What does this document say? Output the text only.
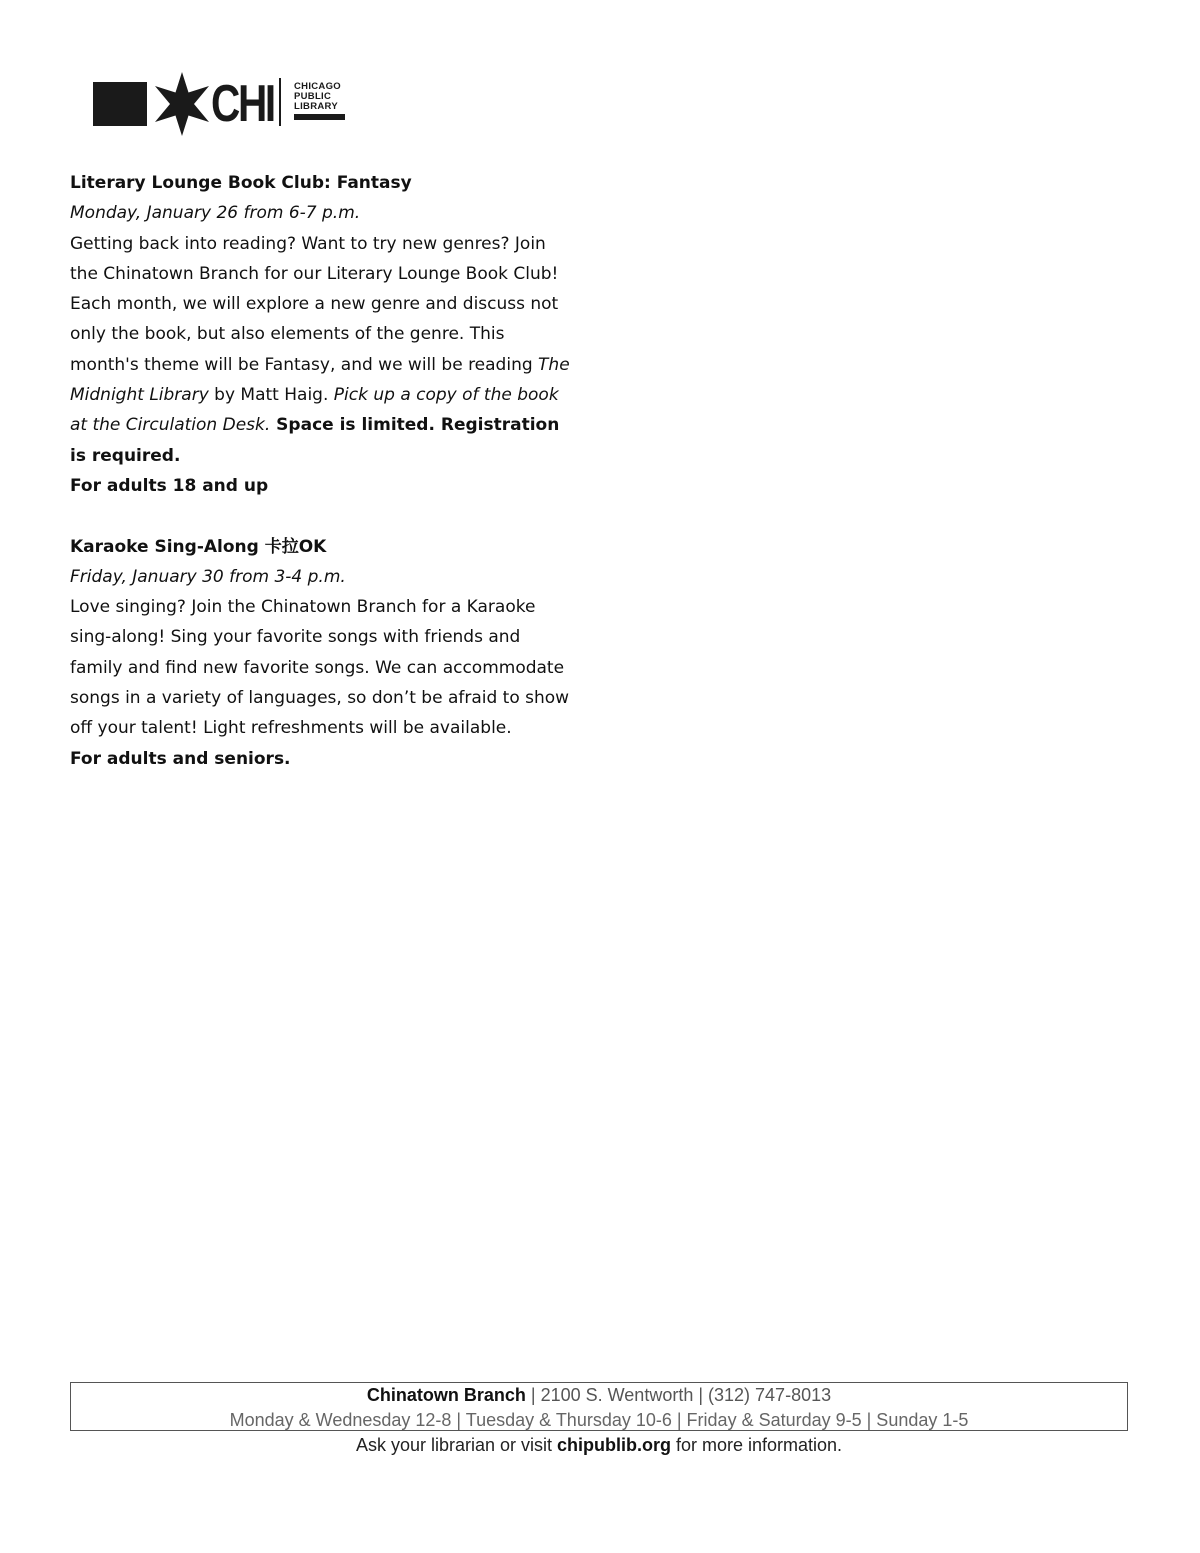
CHI CHICAGO
PUBLIC
LIBRARY

Literary Lounge Book Club: Fantasy

Monday, January 26 from 6-7 p.m.

Getting back into reading? Want to try new genres? Join the Chinatown Branch for our Literary Lounge Book Club! Each month, we will explore a new genre and discuss not only the book, but also elements of the genre. This month's theme will be Fantasy, and we will be reading The Midnight Library by Matt Haig. Pick up a copy of the book at the Circulation Desk. Space is limited. Registration is required.

For adults 18 and up

Karaoke Sing-Along 卡拉OK

Friday, January 30 from 3-4 p.m.

Love singing? Join the Chinatown Branch for a Karaoke sing-along! Sing your favorite songs with friends and family and find new favorite songs. We can accommodate songs in a variety of languages, so don’t be afraid to show off your talent! Light refreshments will be available.

For adults and seniors.

Chinatown Branch | 2100 S. Wentworth | (312) 747-8013
Monday & Wednesday 12-8 | Tuesday & Thursday 10-6 | Friday & Saturday 9-5 | Sunday 1-5
Ask your librarian or visit chipublib.org for more information.
